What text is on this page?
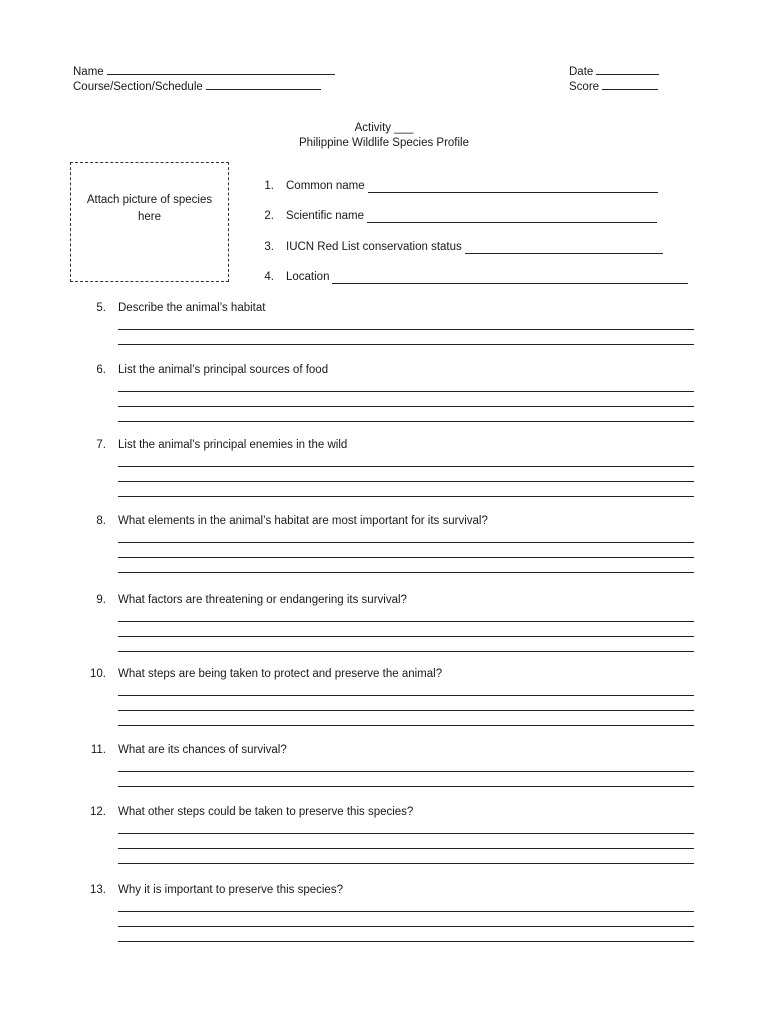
Name
Course/Section/Schedule
Date
Score
Activity ___
Philippine Wildlife Species Profile
Attach picture of species here
1. Common name
2. Scientific name
3. IUCN Red List conservation status
4. Location
5. Describe the animal’s habitat
6. List the animal’s principal sources of food
7. List the animal’s principal enemies in the wild
8. What elements in the animal’s habitat are most important for its survival?
9. What factors are threatening or endangering its survival?
10. What steps are being taken to protect and preserve the animal?
11. What are its chances of survival?
12. What other steps could be taken to preserve this species?
13. Why it is important to preserve this species?
